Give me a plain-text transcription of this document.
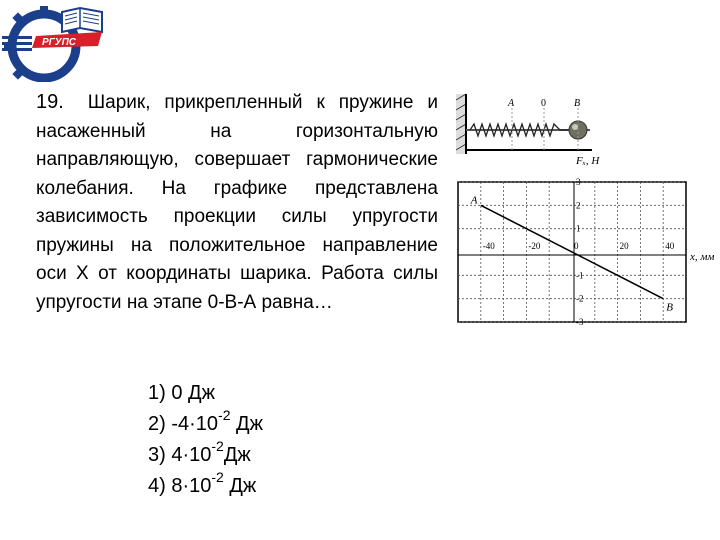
РГУПС
19. Шарик, прикрепленный к пружине и насаженный на горизонтальную направляющую, совершает гармонические колебания. На графике представлена зависимость проекции силы упругости пружины на положительное направление оси Х от координаты шарика. Работа силы упругости на этапе 0-В-А равна…
A	0	B
-40	-20	0	20	40
3
2
1
-1
-2
-3
A
B
Fₓ, Н
x, мм
1) 0 Дж
2) $-4\cdot 10^{-2}$ Дж
3) $4\cdot 10^{-2}Дж$
4) $8\cdot 10^{-2}$ Дж
